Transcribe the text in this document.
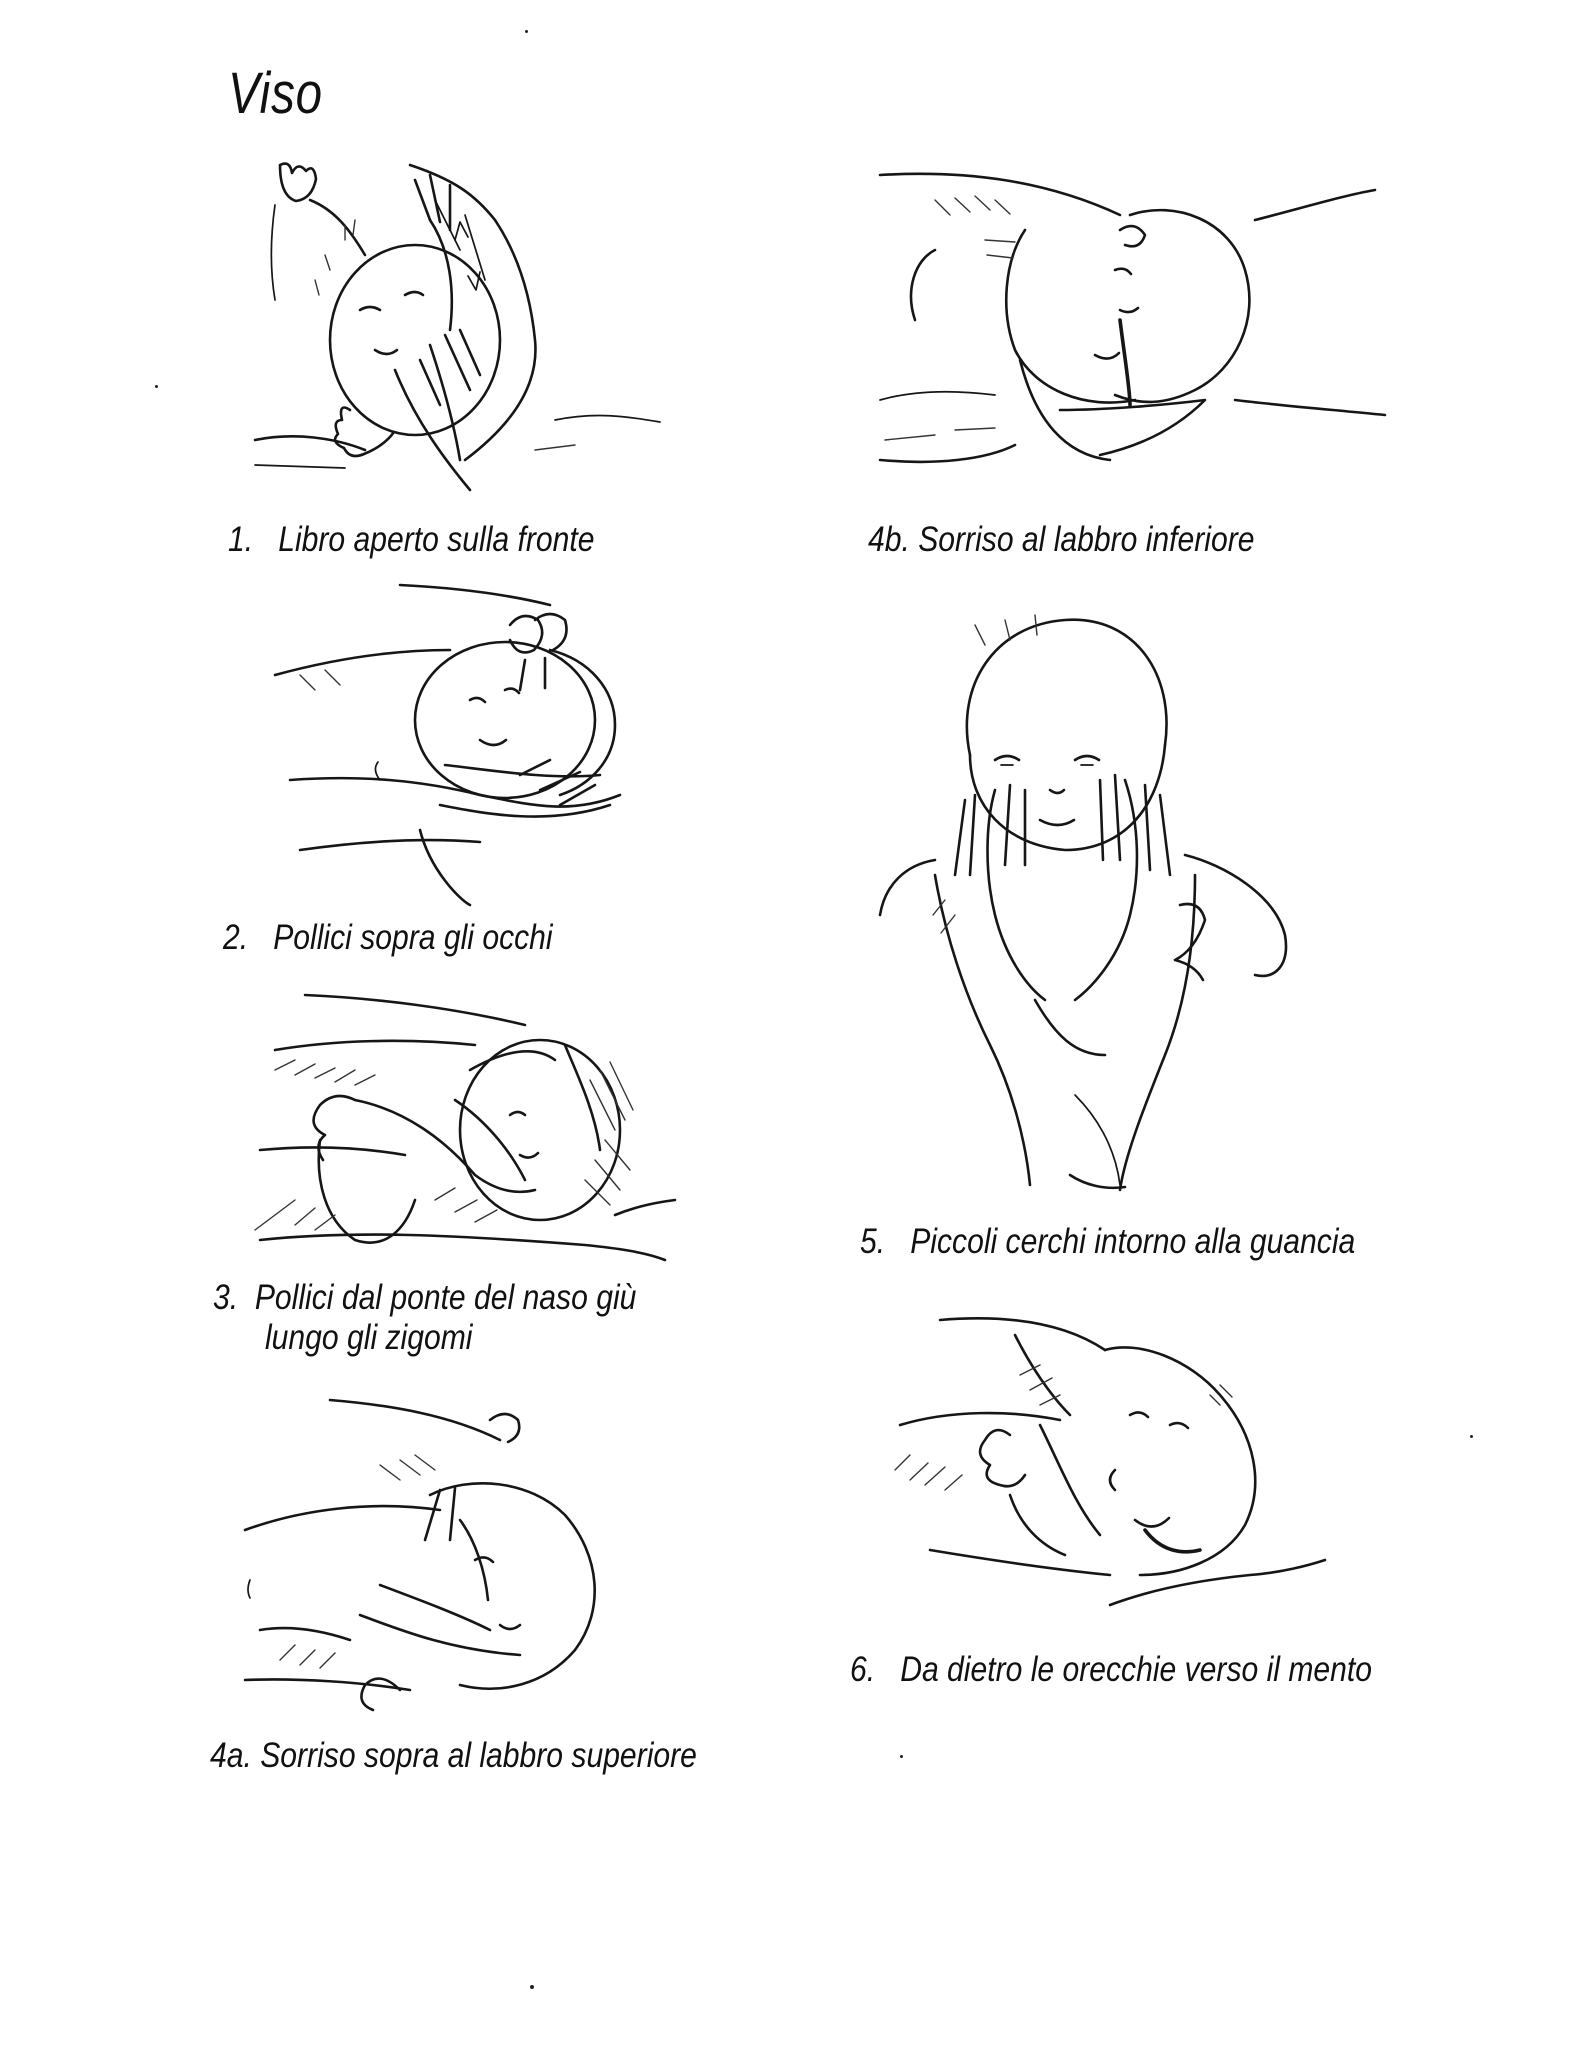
Viso
1. Libro aperto sulla fronte	4b. Sorriso al labbro inferiore
2. Pollici sopra gli occhi
5. Piccoli cerchi intorno alla guancia
3. Pollici dal ponte del naso giù
lungo gli zigomi
6. Da dietro le orecchie verso il mento
4a. Sorriso sopra al labbro superiore
